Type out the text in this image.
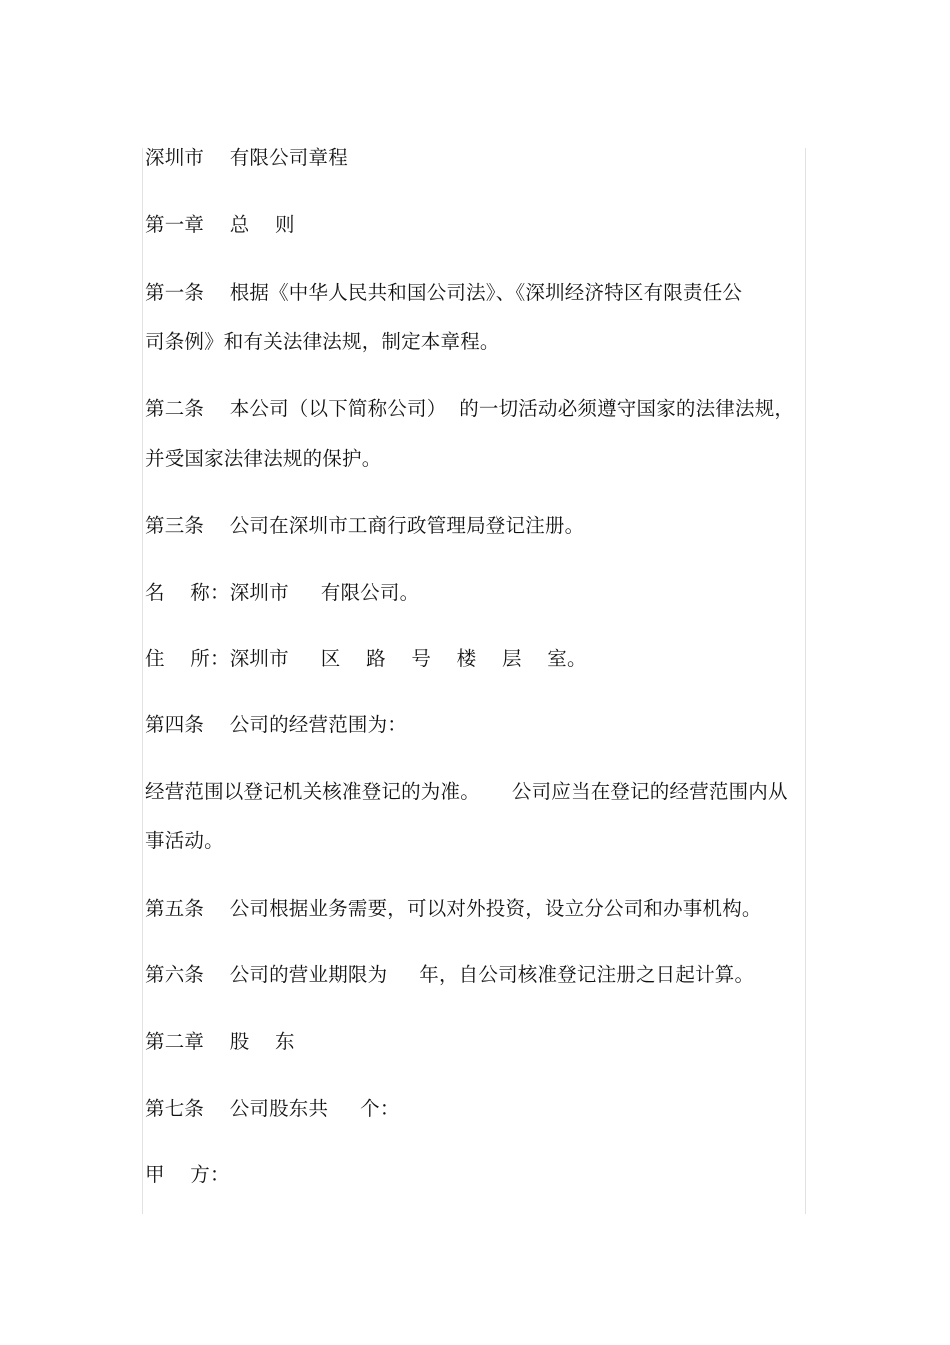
深圳市    有限公司章程
第一章    总    则
第一条    根据《中华人民共和国公司法》、《深圳经济特区有限责任公
司条例》和有关法律法规，制定本章程。
第二条    本公司（以下简称公司）  的一切活动必须遵守国家的法律法规，
并受国家法律法规的保护。
第三条    公司在深圳市工商行政管理局登记注册。
名    称：深圳市     有限公司。
住    所：深圳市     区    路    号    楼    层    室。
第四条    公司的经营范围为：
经营范围以登记机关核准登记的为准。     公司应当在登记的经营范围内从
事活动。
第五条    公司根据业务需要，可以对外投资，设立分公司和办事机构。
第六条    公司的营业期限为     年，自公司核准登记注册之日起计算。
第二章    股    东
第七条    公司股东共     个：
甲    方：
